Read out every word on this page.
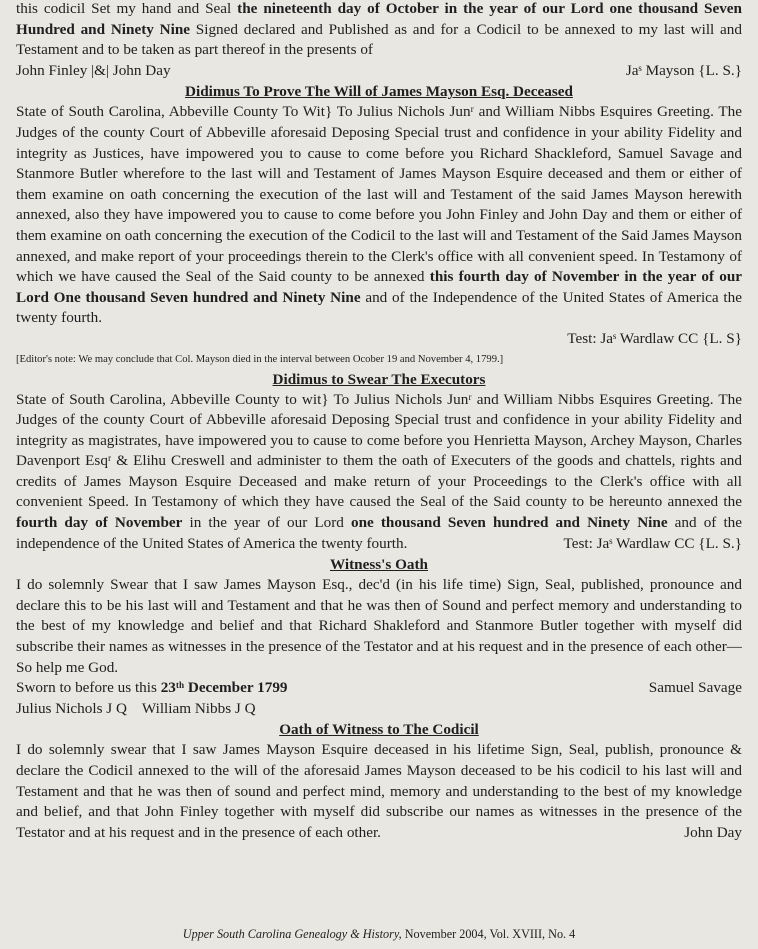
this codicil Set my hand and Seal the nineteenth day of October in the year of our Lord one thousand Seven Hundred and Ninety Nine Signed declared and Published as and for a Codicil to be annexed to my last will and Testament and to be taken as part thereof in the presents of

John Finley |&| John Day	Jaˢ Mayson {L. S.}

Didimus To Prove The Will of James Mayson Esq. Deceased

State of South Carolina, Abbeville County To Wit} To Julius Nichols Junʳ and William Nibbs Esquires Greeting. The Judges of the county Court of Abbeville aforesaid Deposing Special trust and confidence in your ability Fidelity and integrity as Justices, have impowered you to cause to come before you Richard Shackleford, Samuel Savage and Stanmore Butler wherefore to the last will and Testament of James Mayson Esquire deceased and them or either of them examine on oath concerning the execution of the last will and Testament of the said James Mayson herewith annexed, also they have impowered you to cause to come before you John Finley and John Day and them or either of them examine on oath concerning the execution of the Codicil to the last will and Testament of the Said James Mayson annexed, and make report of your proceedings therein to the Clerk's office with all convenient speed. In Testamony of which we have caused the Seal of the Said county to be annexed this fourth day of November in the year of our Lord One thousand Seven hundred and Ninety Nine and of the Independence of the United States of America the twenty fourth.

Test: Jaˢ Wardlaw CC {L. S}

[Editor's note: We may conclude that Col. Mayson died in the interval between Ocober 19 and November 4, 1799.]

Didimus to Swear The Executors

State of South Carolina, Abbeville County to wit} To Julius Nichols Junʳ and William Nibbs Esquires Greeting. The Judges of the county Court of Abbeville aforesaid Deposing Special trust and confidence in your ability Fidelity and integrity as magistrates, have impowered you to cause to come before you Henrietta Mayson, Archey Mayson, Charles Davenport Esqʳ & Elihu Creswell and administer to them the oath of Executers of the goods and chattels, rights and credits of James Mayson Esquire Deceased and make return of your Proceedings to the Clerk's office with all convenient Speed. In Testamony of which they have caused the Seal of the Said county to be hereunto annexed the fourth day of November in the year of our Lord one thousand Seven hundred and Ninety Nine and of the independence of the United States of America the twenty fourth.	Test: Jaˢ Wardlaw CC {L. S.}

Witness's Oath

I do solemnly Swear that I saw James Mayson Esq., dec'd (in his life time) Sign, Seal, published, pronounce and declare this to be his last will and Testament and that he was then of Sound and perfect memory and understanding to the best of my knowledge and belief and that Richard Shakleford and Stanmore Butler together with myself did subscribe their names as witnesses in the presence of the Testator and at his request and in the presence of each other—So help me God.

Sworn to before us this 23ᵗʰ December 1799	Samuel Savage

Julius Nichols J Q    William Nibbs J Q

Oath of Witness to The Codicil

I do solemnly swear that I saw James Mayson Esquire deceased in his lifetime Sign, Seal, publish, pronounce & declare the Codicil annexed to the will of the aforesaid James Mayson deceased to be his codicil to his last will and Testament and that he was then of sound and perfect mind, memory and understanding to the best of my knowledge and belief, and that John Finley together with myself did subscribe our names as witnesses in the presence of the Testator and at his request and in the presence of each other.	John Day

Upper South Carolina Genealogy & History, November 2004, Vol. XVIII, No. 4
